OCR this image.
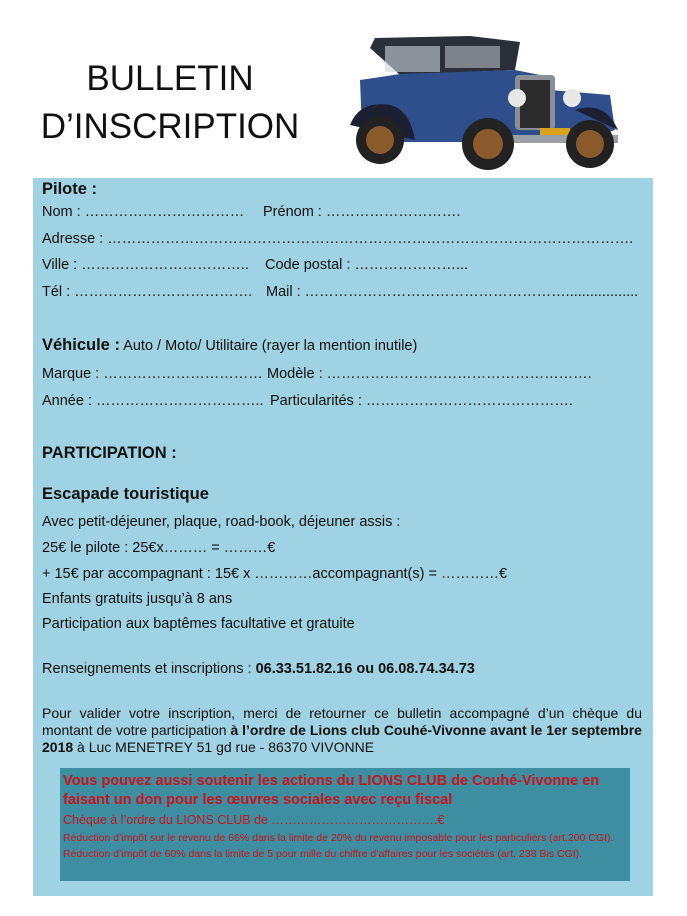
BULLETIN
D’INSCRIPTION
Pilote :
Nom : …………………………… Prénom : ……………………….
Adresse : ……………………………………………………………………………………………….
Ville : …………………………….. Code postal : …………………...
Tél : ………………………………. Mail : ………………………………………………..................
Véhicule : Auto / Moto/ Utilitaire (rayer la mention inutile)
Marque : …………………………… Modèle : ……………………………………………….
Année : …………………………….. Particularités : …………………………………….
PARTICIPATION :
Escapade touristique
Avec petit-déjeuner, plaque, road-book, déjeuner assis :
25€ le pilote : 25€x……… = ………€
+ 15€ par accompagnant : 15€ x …………accompagnant(s) = …………€
Enfants gratuits jusqu’à 8 ans
Participation aux baptêmes facultative et gratuite
Renseignements et inscriptions : 06.33.51.82.16 ou 06.08.74.34.73
Pour valider votre inscription, merci de retourner ce bulletin accompagné d’un chèque du montant de votre participation à l’ordre de Lions club Couhé-Vivonne avant le 1er septembre 2018 à Luc MENETREY 51 gd rue - 86370 VIVONNE
Vous pouvez aussi soutenir les actions du LIONS CLUB de Couhé-Vivonne en faisant un don pour les œuvres sociales avec reçu fiscal
Chèque à l’ordre du LIONS CLUB de ………………………………….€
Réduction d’impôt sur le revenu de 66% dans la limite de 20% du revenu imposable pour les particuliers (art.200 CGI). Réduction d’impôt de 60% dans la limite de 5 pour mille du chiffre d’affaires pour les sociétés (art. 238 Bis CGI).
